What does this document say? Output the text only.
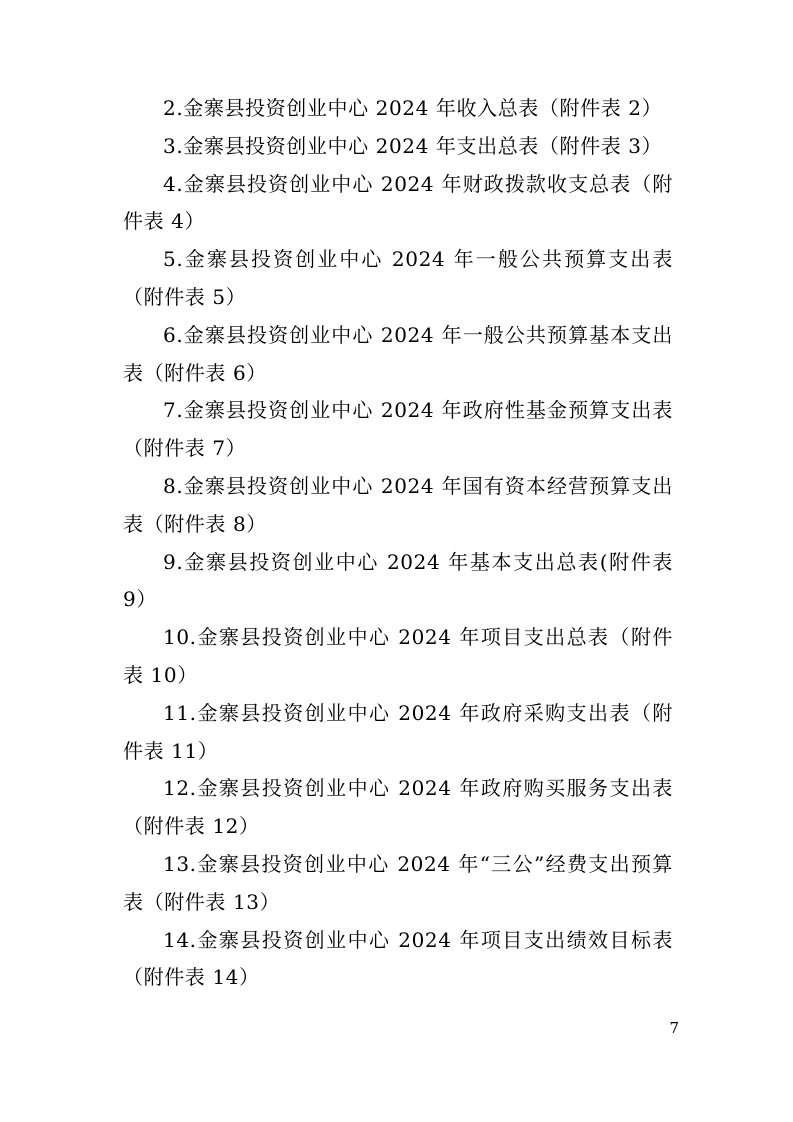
2.金寨县投资创业中心 2024 年收入总表（附件表 2）

3.金寨县投资创业中心 2024 年支出总表（附件表 3）

4.金寨县投资创业中心 2024 年财政拨款收支总表（附件表 4）

5.金寨县投资创业中心 2024 年一般公共预算支出表（附件表 5）

6.金寨县投资创业中心 2024 年一般公共预算基本支出表（附件表 6）

7.金寨县投资创业中心 2024 年政府性基金预算支出表（附件表 7）

8.金寨县投资创业中心 2024 年国有资本经营预算支出表（附件表 8）

9.金寨县投资创业中心 2024 年基本支出总表(附件表 9）

10.金寨县投资创业中心 2024 年项目支出总表（附件表 10）

11.金寨县投资创业中心 2024 年政府采购支出表（附件表 11）

12.金寨县投资创业中心 2024 年政府购买服务支出表（附件表 12）

13.金寨县投资创业中心 2024 年“三公”经费支出预算表（附件表 13）

14.金寨县投资创业中心 2024 年项目支出绩效目标表（附件表 14）

7
